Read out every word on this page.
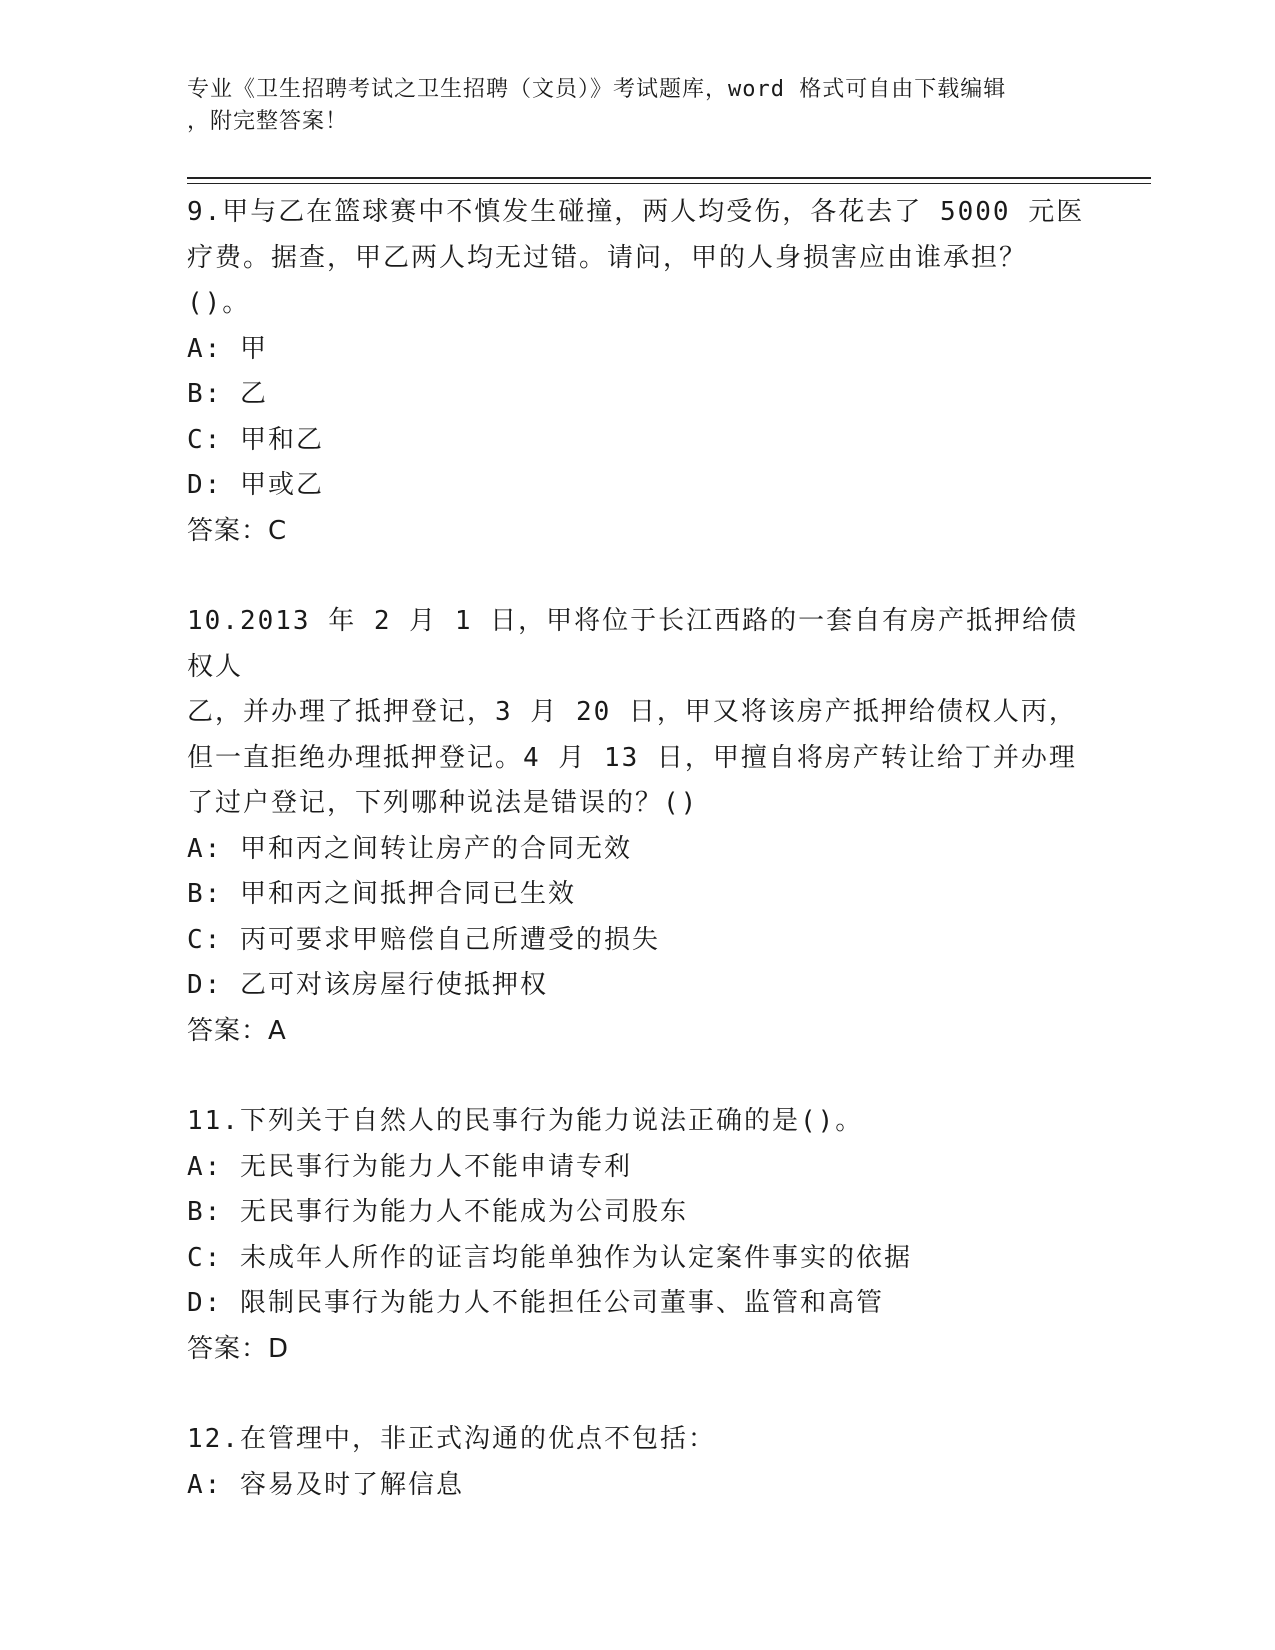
专业《卫生招聘考试之卫生招聘（文员）》考试题库，word 格式可自由下载编辑
，附完整答案！

9.甲与乙在篮球赛中不慎发生碰撞，两人均受伤，各花去了 5000 元医

疗费。据查，甲乙两人均无过错。请问，甲的人身损害应由谁承担？

()。

A: 甲

B: 乙

C: 甲和乙

D: 甲或乙

答案：C

10.2013 年 2 月 1 日，甲将位于长江西路的一套自有房产抵押给债权人

乙，并办理了抵押登记，3 月 20 日，甲又将该房产抵押给债权人丙，

但一直拒绝办理抵押登记。4 月 13 日，甲擅自将房产转让给丁并办理

了过户登记，下列哪种说法是错误的？()

A: 甲和丙之间转让房产的合同无效

B: 甲和丙之间抵押合同已生效

C: 丙可要求甲赔偿自己所遭受的损失

D: 乙可对该房屋行使抵押权

答案：A

11.下列关于自然人的民事行为能力说法正确的是()。

A: 无民事行为能力人不能申请专利

B: 无民事行为能力人不能成为公司股东

C: 未成年人所作的证言均能单独作为认定案件事实的依据

D: 限制民事行为能力人不能担任公司董事、监管和高管

答案：D

12.在管理中，非正式沟通的优点不包括：

A: 容易及时了解信息
